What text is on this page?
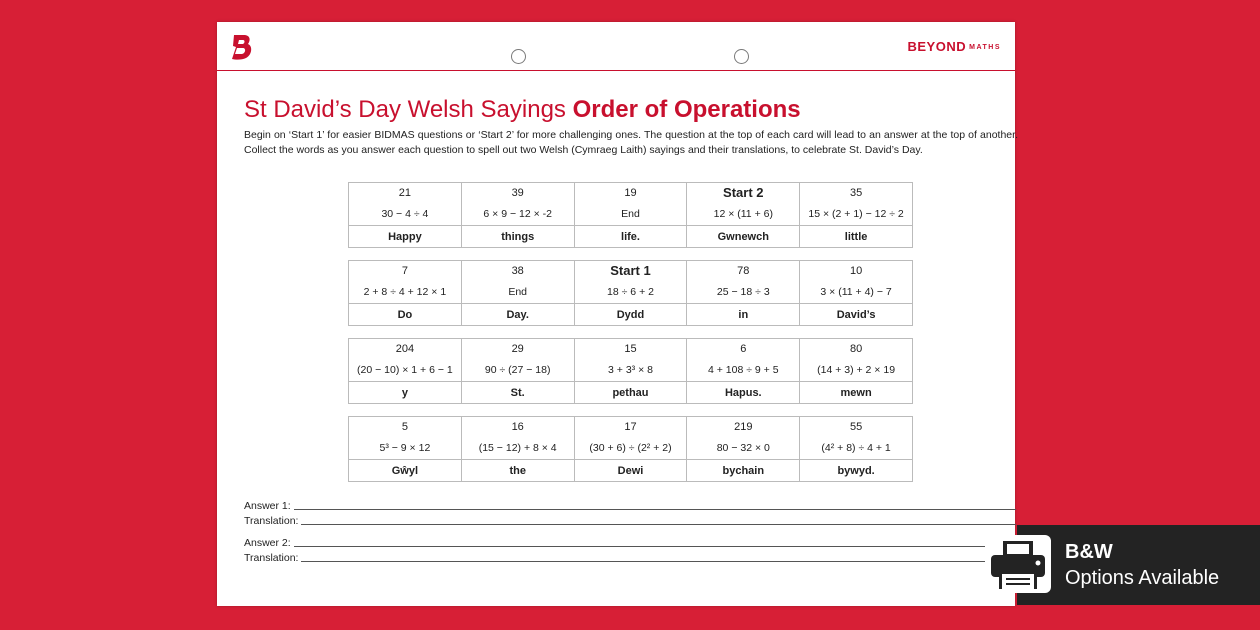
BEYOND MATHS
St David’s Day Welsh Sayings Order of Operations
Begin on ‘Start 1’ for easier BIDMAS questions or ‘Start 2’ for more challenging ones. The question at the top of each card will lead to an answer at the top of another. Collect the words as you answer each question to spell out two Welsh (Cymraeg Laith) sayings and their translations, to celebrate St. David’s Day.
21
30 − 4 ÷ 4
Happy
39
6 × 9 − 12 × -2
things
19
End
life.
Start 2
12 × (11 + 6)
Gwnewch
35
15 × (2 + 1) − 12 ÷ 2
little
7
2 + 8 ÷ 4 + 12 × 1
Do
38
End
Day.
Start 1
18 ÷ 6 + 2
Dydd
78
25 − 18 ÷ 3
in
10
3 × (11 + 4) − 7
David’s
204
(20 − 10) × 1 + 6 − 1
y
29
90 ÷ (27 − 18)
St.
15
3 + 3³ × 8
pethau
6
4 + 108 ÷ 9 + 5
Hapus.
80
(14 + 3) + 2 × 19
mewn
5
5³ − 9 × 12
Gŵyl
16
(15 − 12) + 8 × 4
the
17
(30 + 6) ÷ (2² + 2)
Dewi
219
80 − 32 × 0
bychain
55
(4² + 8) ÷ 4 + 1
bywyd.
Answer 1:
Translation:
Answer 2:
Translation:	B&W
Options Available
